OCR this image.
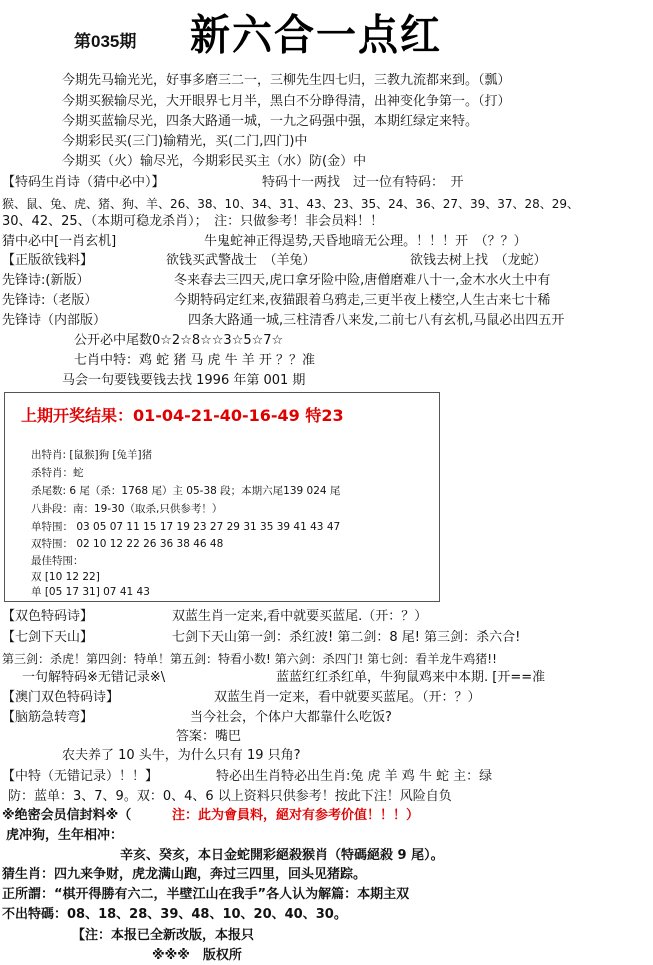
第035期 新六合一点红
今期先马输光光，好事多磨三二一，三柳先生四七归，三教九流都来到。（瓢）
今期买猴输尽光，大开眼界七月半，黑白不分睁得清，出神变化争第一。（打）
今期买蓝输尽光，四条大路通一城，一九之码强中强，本期红绿定来特。
今期彩民买(三门)输精光，买(二门,四门)中
今期买（火）输尽光，今期彩民买主（水）防(金）中
【特码生肖诗（猜中必中）】	特码十一两找　过一位有特码：　开
猴、鼠、兔、虎、猪、狗、羊、26、38、10、34、31、43、23、35、24、36、27、39、37、28、29、
30、42、25、（本期可稳龙杀肖）；　注：只做参考！非会员料！！
猜中必中[一肖玄机]	牛鬼蛇神正得逞势,天昏地暗无公理。！！！开　（？？）
【正版欲钱料】	欲钱买武警战士　（羊兔）	欲钱去树上找　（龙蛇）
先锋诗:(新版）	冬来春去三四天,虎口拿牙险中险,唐僧磨难八十一,金木水火土中有
先锋诗:（老版）	今期特码定红来,夜猫跟着乌鸦走,三更半夜上楼空,人生古来七十稀
先锋诗（内部版）	四条大路通一城,三柱清香八来发,二前七八有玄机,马鼠必出四五开
公开必中尾数0☆2☆8☆☆3☆5☆7☆
七肖中特：鸡 蛇 猪 马 虎 牛 羊 开 ？？准
马会一句要钱要钱去找 1996 年第 001 期
上期开奖结果：01-04-21-40-16-49 特23
出特肖: [鼠猴]狗 [兔羊]猪
杀特肖：蛇
杀尾数: 6 尾（杀：1768 尾）主 05-38 段；本期六尾139 024 尾
八卦段：南：19-30（取杀,只供参考！）
单特围： 03 05 07 11 15 17 19 23 27 29 31 35 39 41 43 47
双特围： 02 10 12 22 26 36 38 46 48
最佳特围：
双 [10 12 22]
单 [05 17 31] 07 41 43
【双色特码诗】	双蓝生肖一定来,看中就要买蓝尾.（开：？）
【七剑下天山】	七剑下天山第一剑：杀红波! 第二剑：8 尾! 第三剑：杀六合!
第三剑：杀虎！第四剑：特单！第五剑：特看小数! 第六剑：杀四门! 第七剑：看羊龙牛鸡猪!!
一句解特码※无错记录※\	蓝蓝红红杀红单，牛狗鼠鸡来中本期. [开==准
【澳门双色特码诗】	双蓝生肖一定来，看中就要买蓝尾。（开：？）
【脑筋急转弯】	当今社会，个体户大都靠什么吃饭?
答案：嘴巴
农夫养了 10 头牛，为什么只有 19 只角?
【中特（无错记录）！！】	特必出生肖特必出生肖:兔 虎 羊 鸡 牛 蛇 主：绿
防：蓝单：3、7、9。双：0、4、6 以上资料只供参考！按此下注！风险自负
※绝密会员信封料※（	注：此为會員料，絕对有参考价值！！！）
虎冲狗，生年相冲：
辛亥、癸亥，本日金蛇開彩絕殺猴肖（特碼絕殺 9 尾）。
猜生肖：四九来争财，虎龙满山跑，奔过三四里，回头见猪踪。
正所謂：“棋开得勝有六二，半壁江山在我手”各人认为解篇：本期主双
不出特碼：08、18、28、39、48、10、20、40、30。
【注：本报已全新改版，本报只
※※※　版权所
